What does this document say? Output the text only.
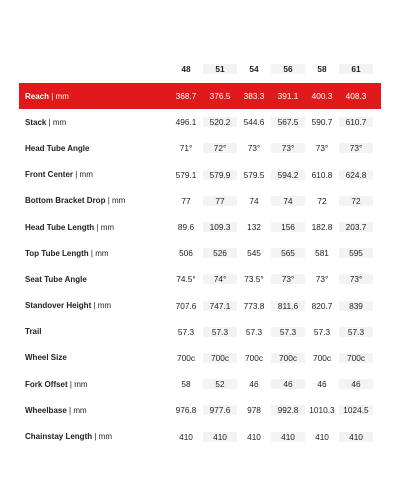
48	51	54	56	58	61
Reach | mm	368.7	376.5	383.3	391.1	400.3	408.3
Stack | mm	496.1	520.2	544.6	567.5	590.7	610.7
Head Tube Angle	71°	72°	73°	73°	73°	73°
Front Center | mm	579.1	579.9	579.5	594.2	610.8	624.8
Bottom Bracket Drop | mm	77	77	74	74	72	72
Head Tube Length | mm	89.6	109.3	132	156	182.8	203.7
Top Tube Length | mm	506	526	545	565	581	595
Seat Tube Angle	74.5°	74°	73.5°	73°	73°	73°
Standover Height | mm	707.6	747.1	773.8	811.6	820.7	839
Trail	57.3	57.3	57.3	57.3	57.3	57.3
Wheel Size	700c	700c	700c	700c	700c	700c
Fork Offset | mm	58	52	46	46	46	46
Wheelbase | mm	976.8	977.6	978	992.8	1010.3	1024.5
Chainstay Length | mm	410	410	410	410	410	410
